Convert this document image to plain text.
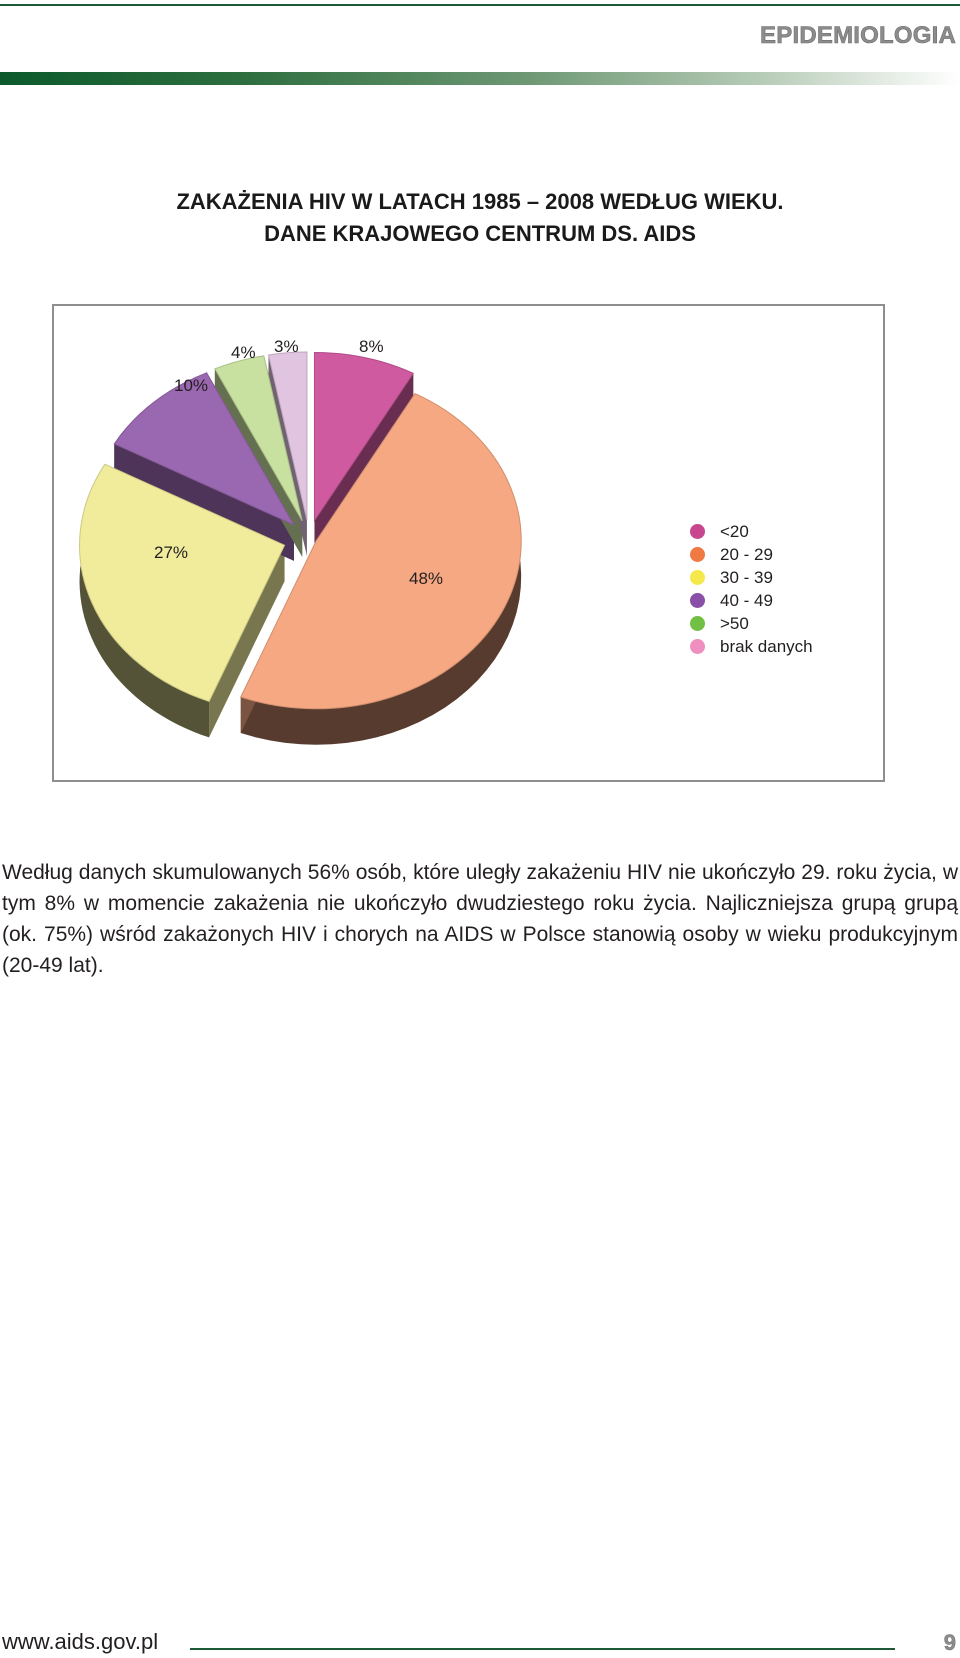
EPIDEMIOLOGIA
ZAKAŻENIA HIV W LATACH 1985 – 2008 WEDŁUG WIEKU.
DANE KRAJOWEGO CENTRUM DS. AIDS
8%
48%
27%
10%
4% 3%
<20
20 - 29
30 - 39
40 - 49
>50
brak danych

Według danych skumulowanych 56% osób, które uległy zakażeniu HIV nie ukończyło 29. roku życia, w tym 8% w momencie zakażenia nie ukończyło dwudziestego roku życia. Najliczniejsza grupą grupą (ok. 75%) wśród zakażonych HIV i chorych na AIDS w Polsce stanowią osoby w wieku produkcyjnym (20-49 lat).

www.aids.gov.pl	9
